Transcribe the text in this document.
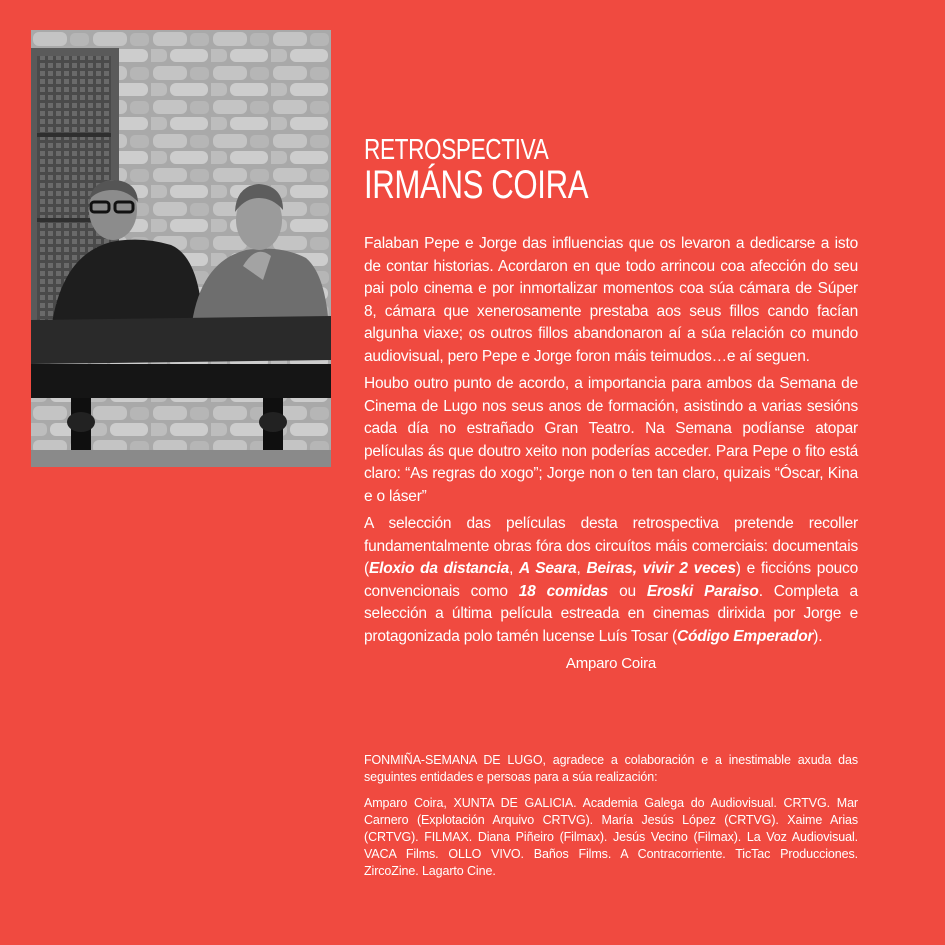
RETROSPECTIVA
IRMÁNS COIRA

Falaban Pepe e Jorge das influencias que os levaron a dedicarse a isto de contar historias. Acordaron en que todo arrincou coa afección do seu pai polo cinema e por inmortalizar momentos coa súa cámara de Súper 8, cámara que xenerosamente prestaba aos seus fillos cando facían algunha viaxe; os outros fillos abandonaron aí a súa relación co mundo audiovisual, pero Pepe e Jorge foron máis teimudos…e aí seguen.

Houbo outro punto de acordo, a importancia para ambos da Semana de Cinema de Lugo nos seus anos de formación, asistindo a varias sesións cada día no estrañado Gran Teatro. Na Semana podíanse atopar películas ás que doutro xeito non poderías acceder. Para Pepe o fito está claro: “As regras do xogo”; Jorge non o ten tan claro, quizais “Óscar, Kina e o láser”

A selección das películas desta retrospectiva pretende recoller fundamentalmente obras fóra dos circuítos máis comerciais: documentais (Eloxio da distancia, A Seara, Beiras, vivir 2 veces) e ficcións pouco convencionais como 18 comidas ou Eroski Paraiso. Completa a selección a última película estreada en cinemas dirixida por Jorge e protagonizada polo tamén lucense Luís Tosar (Código Emperador).

Amparo Coira

FONMIÑA-SEMANA DE LUGO, agradece a colaboración e a inestimable axuda das seguintes entidades e persoas para a súa realización:

Amparo Coira, XUNTA DE GALICIA. Academia Galega do Audiovisual. CRTVG. Mar Carnero (Explotación Arquivo CRTVG). María Jesús López (CRTVG). Xaime Arias (CRTVG). FILMAX. Diana Piñeiro (Filmax). Jesús Vecino (Filmax). La Voz Audiovisual. VACA Films. OLLO VIVO. Baños Films. A Contracorriente. TicTac Producciones. ZircoZine. Lagarto Cine.
